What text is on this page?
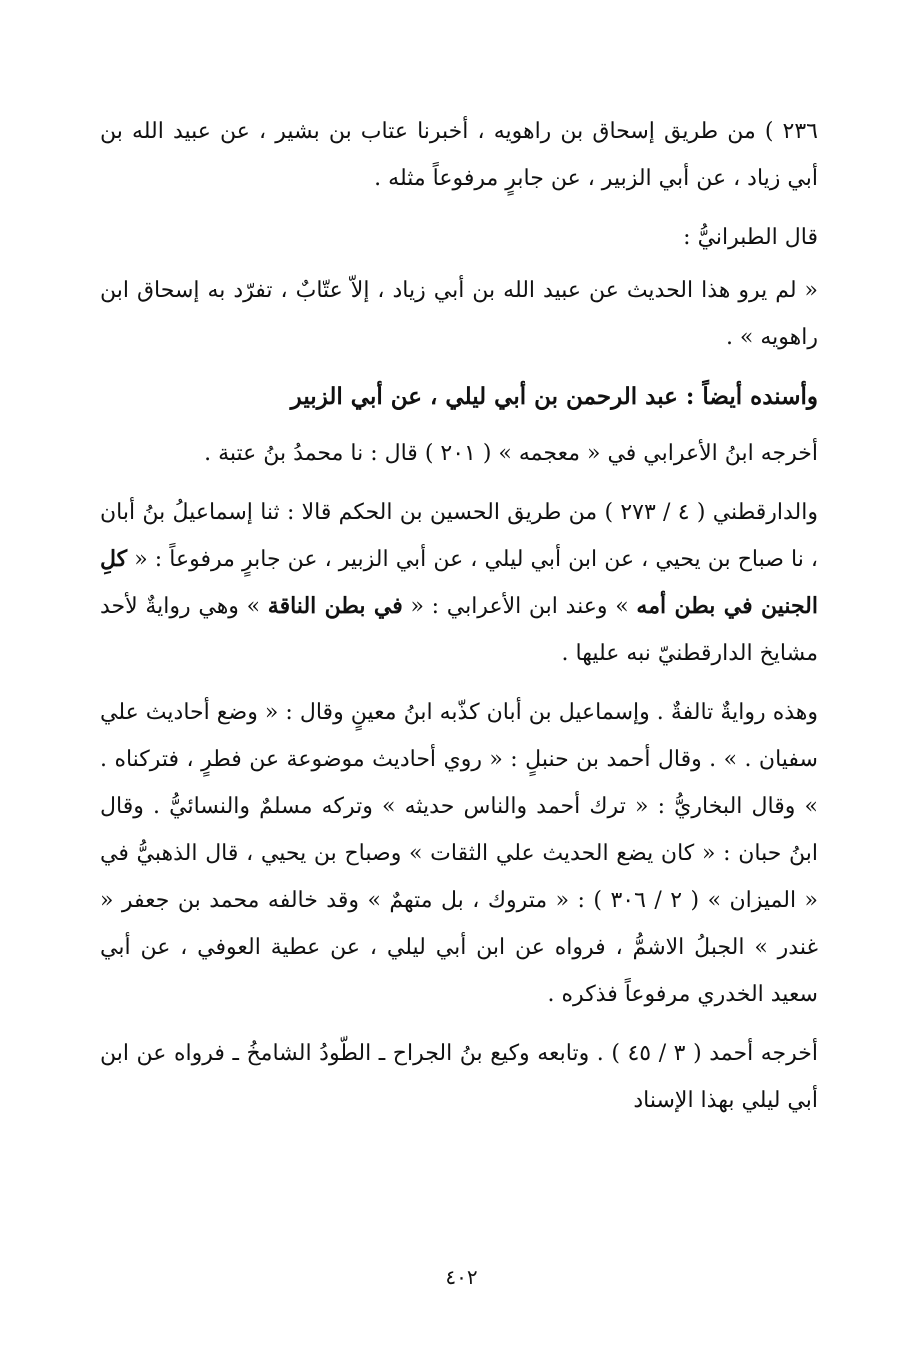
٢٣٦ ) من طريق إسحاق بن راهويه ، أخبرنا عتاب بن بشير ، عن عبيد الله بن أبي زياد ، عن أبي الزبير ، عن جابرٍ مرفوعاً مثله .

قال الطبرانيُّ :

« لم يرو هذا الحديث عن عبيد الله بن أبي زياد ، إلاّ عتّابٌ ، تفرّد به إسحاق ابن راهويه » .

وأسنده أيضاً : عبد الرحمن بن أبي ليلي ، عن أبي الزبير

أخرجه ابنُ الأعرابي في « معجمه » ( ٢٠١ ) قال : نا محمدُ بنُ عتبة .

والدارقطني ( ٤ / ٢٧٣ ) من طريق الحسين بن الحكم قالا : ثنا إسماعيلُ بنُ أبان ، نا صباح بن يحيي ، عن ابن أبي ليلي ، عن أبي الزبير ، عن جابرٍ مرفوعاً : « كلِ الجنين في بطن أمه » وعند ابن الأعرابي : « في بطن الناقة » وهي روايةٌ لأحد مشايخ الدارقطنيّ نبه عليها .

وهذه روايةٌ تالفةٌ . وإسماعيل بن أبان كذّبه ابنُ معينٍ وقال : « وضع أحاديث علي سفيان . » . وقال أحمد بن حنبلٍ : « روي أحاديث موضوعة عن فطرٍ ، فتركناه . » وقال البخاريُّ : « ترك أحمد والناس حديثه » وتركه مسلمٌ والنسائيُّ . وقال ابنُ حبان : « كان يضع الحديث علي الثقات » وصباح بن يحيي ، قال الذهبيُّ في « الميزان » ( ٢ / ٣٠٦ ) : « متروك ، بل متهمٌ » وقد خالفه محمد بن جعفر « غندر » الجبلُ الاشمُّ ، فرواه عن ابن أبي ليلي ، عن عطية العوفي ، عن أبي سعيد الخدري مرفوعاً فذكره .

أخرجه أحمد ( ٣ / ٤٥ ) . وتابعه وكيع بنُ الجراح ـ الطّودُ الشامخُ ـ فرواه عن ابن أبي ليلي بهذا الإسناد

٤٠٢
